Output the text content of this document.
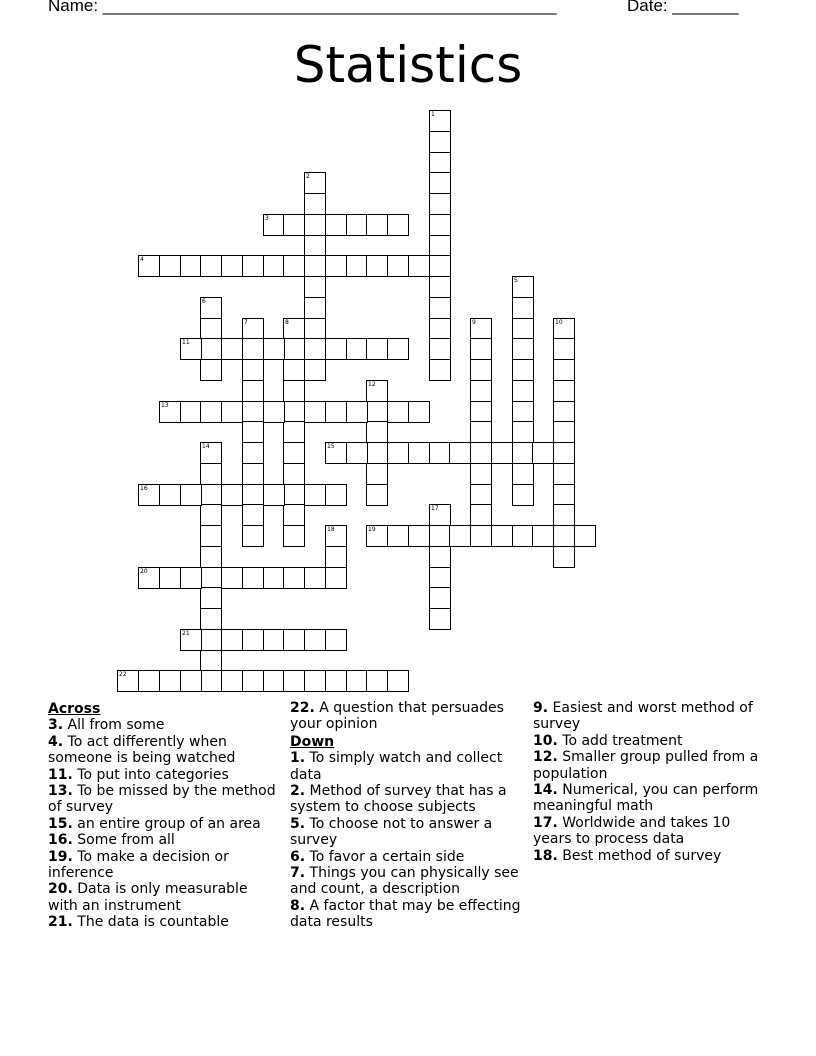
Name: ________________________________________________	Date: _______
Statistics
1
2
3
4
5
6
7	8	9	10
11
12
13
14	15
16
17
18	19
20
21
22
Across
3. All from some
4. To act differently when someone is being watched
11. To put into categories
13. To be missed by the method of survey
15. an entire group of an area
16. Some from all
19. To make a decision or inference
20. Data is only measurable with an instrument
21. The data is countable
22. A question that persuades your opinion
Down
1. To simply watch and collect data
2. Method of survey that has a system to choose subjects
5. To choose not to answer a survey
6. To favor a certain side
7. Things you can physically see and count, a description
8. A factor that may be effecting data results
9. Easiest and worst method of survey
10. To add treatment
12. Smaller group pulled from a population
14. Numerical, you can perform meaningful math
17. Worldwide and takes 10 years to process data
18. Best method of survey
